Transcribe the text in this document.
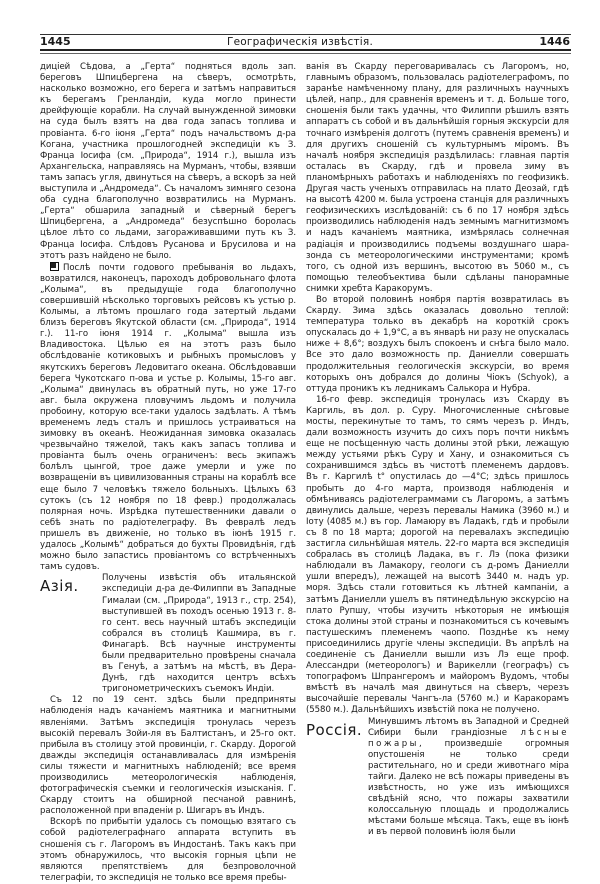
1445	Географическія извѣстія.	1446

дицiей Сѣдова, а „Герта“ подняться вдоль зап. береговъ Шпицбергена на сѣверъ, осмотрѣть, насколько возможно, его берега и затѣмъ направиться къ берегамъ Гренландіи, куда могло принести дрейфующіе корабли. На случай вынужденной зимовки на суда былъ взятъ на два года запасъ топлива и провіанта. 6-го іюня „Герта“ подъ начальствомъ д-ра Когана, участника прошлогодней экспедиціи къ З. Франца Іосифа (см. „Природа“, 1914 г.), вышла изъ Архангельска, направляясь на Мурманъ, чтобы, взявши тамъ запасъ угля, двинуться на сѣверъ, а вскорѣ за ней выступила и „Андромеда“. Съ началомъ зимняго сезона оба судна благополучно возвратились на Мурманъ. „Герта“ обшарила западный и сѣверный берегъ Шпицбергена, а „Андромеда“ безуспѣшно боролась цѣлое лѣто со льдами, загораживавшими путь къ З. Франца Іосифа. Слѣдовъ Русанова и Брусилова и на этотъ разъ найдено не было.

Послѣ почти годового пребыванія во льдахъ, возвратился, наконецъ, пароходъ добровольнаго флота „Колыма“, въ предыдущіе года благополучно совершившій нѣсколько торговыхъ рейсовъ къ устью р. Колымы, а лѣтомъ прошлаго года затертый льдами близъ береговъ Якутской области (см. „Природа“, 1914 г.). 11-го іюня 1914 г. „Колыма“ вышла изъ Владивостока. Цѣлью ея на этотъ разъ было обслѣдованіе котиковыхъ и рыбныхъ промысловъ у якутскихъ береговъ Ледовитаго океана. Обслѣдовавши берега Чукотскаго п-ова и устье р. Колымы, 15-го авг. „Колыма“ двинулась въ обратный путь, но уже 17-го авг. была окружена пловучимъ льдомъ и получила пробоину, которую все-таки удалось задѣлать. А тѣмъ временемъ ледъ сталъ и пришлось устраиваться на зимовку въ океанѣ. Неожиданная зимовка оказалась чрезвычайно тяжелой, такъ какъ запасъ топлива и провіанта былъ очень ограниченъ: весь экипажъ болѣлъ цынгой, трое даже умерли и уже по возвращеніи въ цивилизованныя страны на кораблѣ все еще было 7 человѣкъ тяжело больныхъ. Цѣлыхъ 63 сутокъ (съ 12 ноября по 18 февр.) продолжалась полярная ночь. Изрѣдка путешественники давали о себѣ знать по радіотелеграфу. Въ февралѣ ледъ пришелъ въ движеніе, но только въ іюнѣ 1915 г. удалось „Колымѣ“ добраться до бухты Провидѣнія, гдѣ можно было запастись провіантомъ со встрѣченныхъ тамъ судовъ.

Азія.	Получены извѣстія объ итальянской экспедиціи д-ра де-Филиппи въ Западные Гималаи (см. „Природа“, 1913 г., стр. 254), выступившей въ походъ осенью 1913 г. 8-го сент. весь научный штабъ экспедиціи собрался въ столицѣ Кашмира, въ г. Финагарѣ. Всѣ научные инструменты были предварительно провѣрены сначала въ Генуѣ, а затѣмъ на мѣстѣ, въ Дера-Дунѣ, гдѣ находится центръ всѣхъ тригонометрическихъ съемокъ Индіи.

Съ 12 по 19 сент. здѣсь были предприняты наблюденія надъ качаніемъ маятника и магнитными явленіями. Затѣмъ экспедиція тронулась черезъ высокій перевалъ Зойи-ля въ Балтистанъ, и 25-го окт. прибыла въ столицу этой провинціи, г. Скарду. Дорогой дважды экспедиція останавливалась для измѣренія силы тяжести и магнитныхъ наблюденій; все время производились метеорологическія наблюденія, фотографическія съемки и геологическія изысканія. Г. Скарду стоитъ на обширной песчаной равнинѣ, расположенной при впаденіи р. Шигаръ въ Индъ.

Вскорѣ по прибытіи удалось съ помощью взятаго съ собой радіотелеграфнаго аппарата вступить въ сношенія съ г. Лагоромъ въ Индостанѣ. Такъ какъ при этомъ обнаружилось, что высокія горныя цѣпи не являются препятствіемъ для безпроволочной телеграфіи, то экспедиція не только все время пребы-

ванія въ Скарду переговаривалась съ Лагоромъ, но, главнымъ образомъ, пользовалась радіотелеграфомъ, по заранѣе намѣченному плану, для различныхъ научныхъ цѣлей, напр., для сравненія временъ и т. д. Больше того, сношенія были такъ удачны, что Филиппи рѣшилъ взять аппаратъ съ собой и въ дальнѣйшія горныя экскурсіи для точнаго измѣренія долготъ (путемъ сравненія временъ) и для другихъ сношеній съ культурнымъ міромъ. Въ началѣ ноября экспедиція раздѣлилась: главная партія осталась въ Скарду, гдѣ и провела зиму въ планомѣрныхъ работахъ и наблюденіяхъ по геофизикѣ. Другая часть ученыхъ отправилась на плато Деозай, гдѣ на высотѣ 4200 м. была устроена станція для различныхъ геофизическихъ изслѣдованій: съ 6 по 17 ноября здѣсь производились наблюденія надъ земнымъ магнитизмомъ и надъ качаніемъ маятника, измѣрялась солнечная радіація и производились подъемы воздушнаго шара-зонда съ метеорологическими инструментами; кромѣ того, съ одной изъ вершинъ, высотою въ 5060 м., съ помощью телеобъектива были сдѣланы панорамные снимки хребта Каракорумъ.

Во второй половинѣ ноября партія возвратилась въ Скарду. Зима здѣсь оказалась довольно теплой: температура только въ декабрѣ на короткій срокъ опускалась до + 1,9°С, а въ январѣ ни разу не опускалась ниже + 8,6°; воздухъ былъ спокоенъ и снѣга было мало. Все это дало возможность пр. Даниелли совершать продолжительныя геологическія экскурсіи, во время которыхъ онъ добрался до долины Чіокъ (Schyok), а оттуда проникъ къ ледникамъ Салькора и Нубра.

16-го февр. экспедиція тронулась изъ Скарду въ Каргиль, въ дол. р. Суру. Многочисленные снѣговые мосты, перекинутые то тамъ, то сямъ черезъ р. Индъ, дали возможность изучить до сихъ поръ почти никѣмъ еще не посѣщенную часть долины этой рѣки, лежащую между устьями рѣкъ Суру и Хану, и ознакомиться съ сохранившимся здѣсь въ чистотѣ племенемъ дардовъ. Въ г. Каргилѣ t° опустилась до —4°С; здѣсь пришлось пробыть до 4-го марта, производя наблюденія и обмѣниваясь радіотелеграммами съ Лагоромъ, а затѣмъ двинулись дальше, черезъ перевалы Намика (3960 м.) и Іоту (4085 м.) въ гор. Ламаюру въ Ладакѣ, гдѣ и пробыли съ 8 по 18 марта; дорогой на перевалахъ экспедицію застигла сильнѣйшая мятель. 22-го марта вся экспедиція собралась въ столицѣ Ладака, въ г. Лэ (пока физики наблюдали въ Ламакору, геологи съ д-ромъ Даниелли ушли впередъ), лежащей на высотѣ 3440 м. надъ ур. моря. Здѣсь стали готовиться къ лѣтней кампаніи, а затѣмъ Даниелли ушелъ въ пятинедѣльную экскурсію на плато Рупшу, чтобы изучить нѣкоторыя не имѣющія стока долины этой страны и познакомиться съ кочевымъ пастушескимъ племенемъ чаопо. Позднѣе къ нему присоединились другіе члены экспедиціи. Въ апрѣлѣ на соединеніе съ Даниелли вышли изъ Лэ еще проф. Алессандри (метеорологъ) и Варикелли (географъ) съ топографомъ Шпрангеромъ и майоромъ Вудомъ, чтобы вмѣстѣ въ началѣ мая двинуться на сѣверъ, черезъ высочайшіе перевалы Чангъ-ла (5760 м.) и Каракорамъ (5580 м.). Дальнѣйшихъ извѣстій пока не получено.

Россія. Минувшимъ лѣтомъ въ Западной и Средней Сибири были грандіозные лѣсные пожары, произведшіе огромныя опустошенія не только среди растительнаго, но и среди животнаго міра тайги. Далеко не всѣ пожары приведены въ извѣстность, но уже изъ имѣющихся свѣдѣній ясно, что пожары захватили колоссальную площадь и продолжались мѣстами больше мѣсяца. Такъ, еще въ іюнѣ и въ первой половинѣ іюля были
